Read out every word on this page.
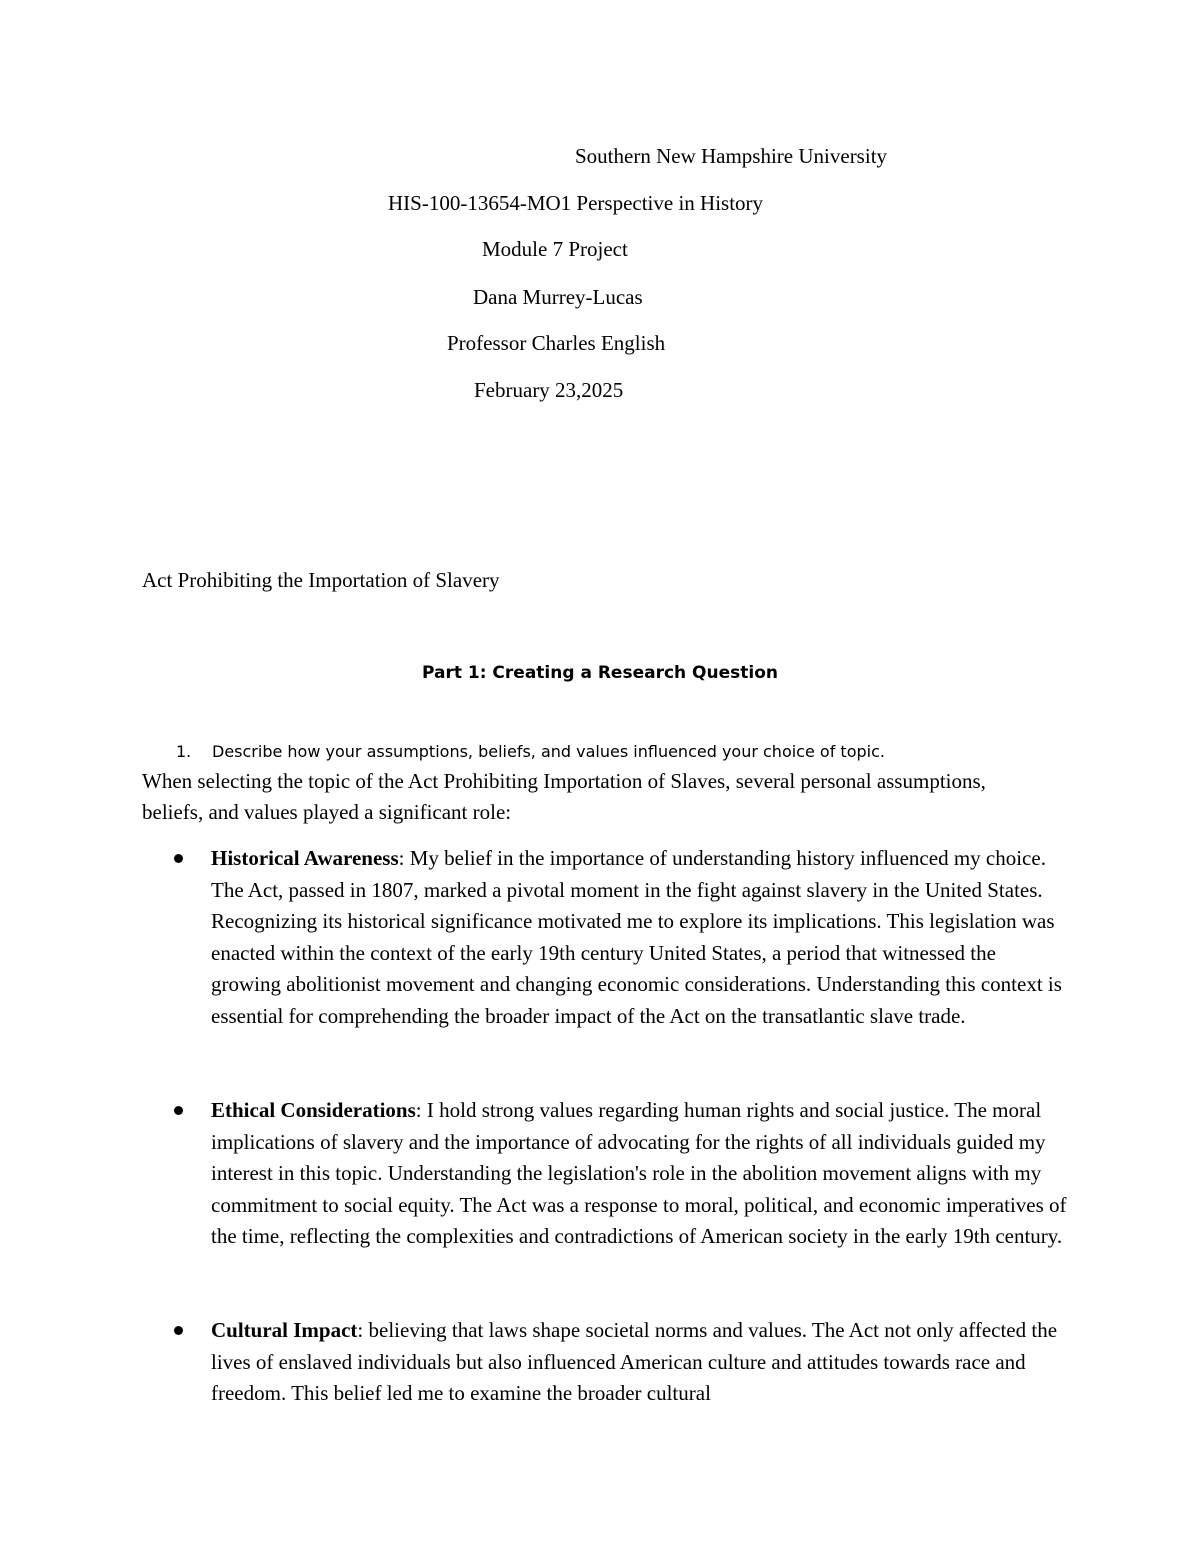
Southern New Hampshire University
HIS-100-13654-MO1 Perspective in History
Module 7 Project
Dana Murrey-Lucas
Professor Charles English
February 23,2025
Act Prohibiting the Importation of Slavery
Part 1: Creating a Research Question
1. Describe how your assumptions, beliefs, and values influenced your choice of topic.

When selecting the topic of the Act Prohibiting Importation of Slaves, several personal assumptions, beliefs, and values played a significant role:

Historical Awareness: My belief in the importance of understanding history influenced my choice. The Act, passed in 1807, marked a pivotal moment in the fight against slavery in the United States. Recognizing its historical significance motivated me to explore its implications. This legislation was enacted within the context of the early 19th century United States, a period that witnessed the growing abolitionist movement and changing economic considerations. Understanding this context is essential for comprehending the broader impact of the Act on the transatlantic slave trade.

Ethical Considerations: I hold strong values regarding human rights and social justice. The moral implications of slavery and the importance of advocating for the rights of all individuals guided my interest in this topic. Understanding the legislation's role in the abolition movement aligns with my commitment to social equity. The Act was a response to moral, political, and economic imperatives of the time, reflecting the complexities and contradictions of American society in the early 19th century.

Cultural Impact: believing that laws shape societal norms and values. The Act not only affected the lives of enslaved individuals but also influenced American culture and attitudes towards race and freedom. This belief led me to examine the broader cultural
